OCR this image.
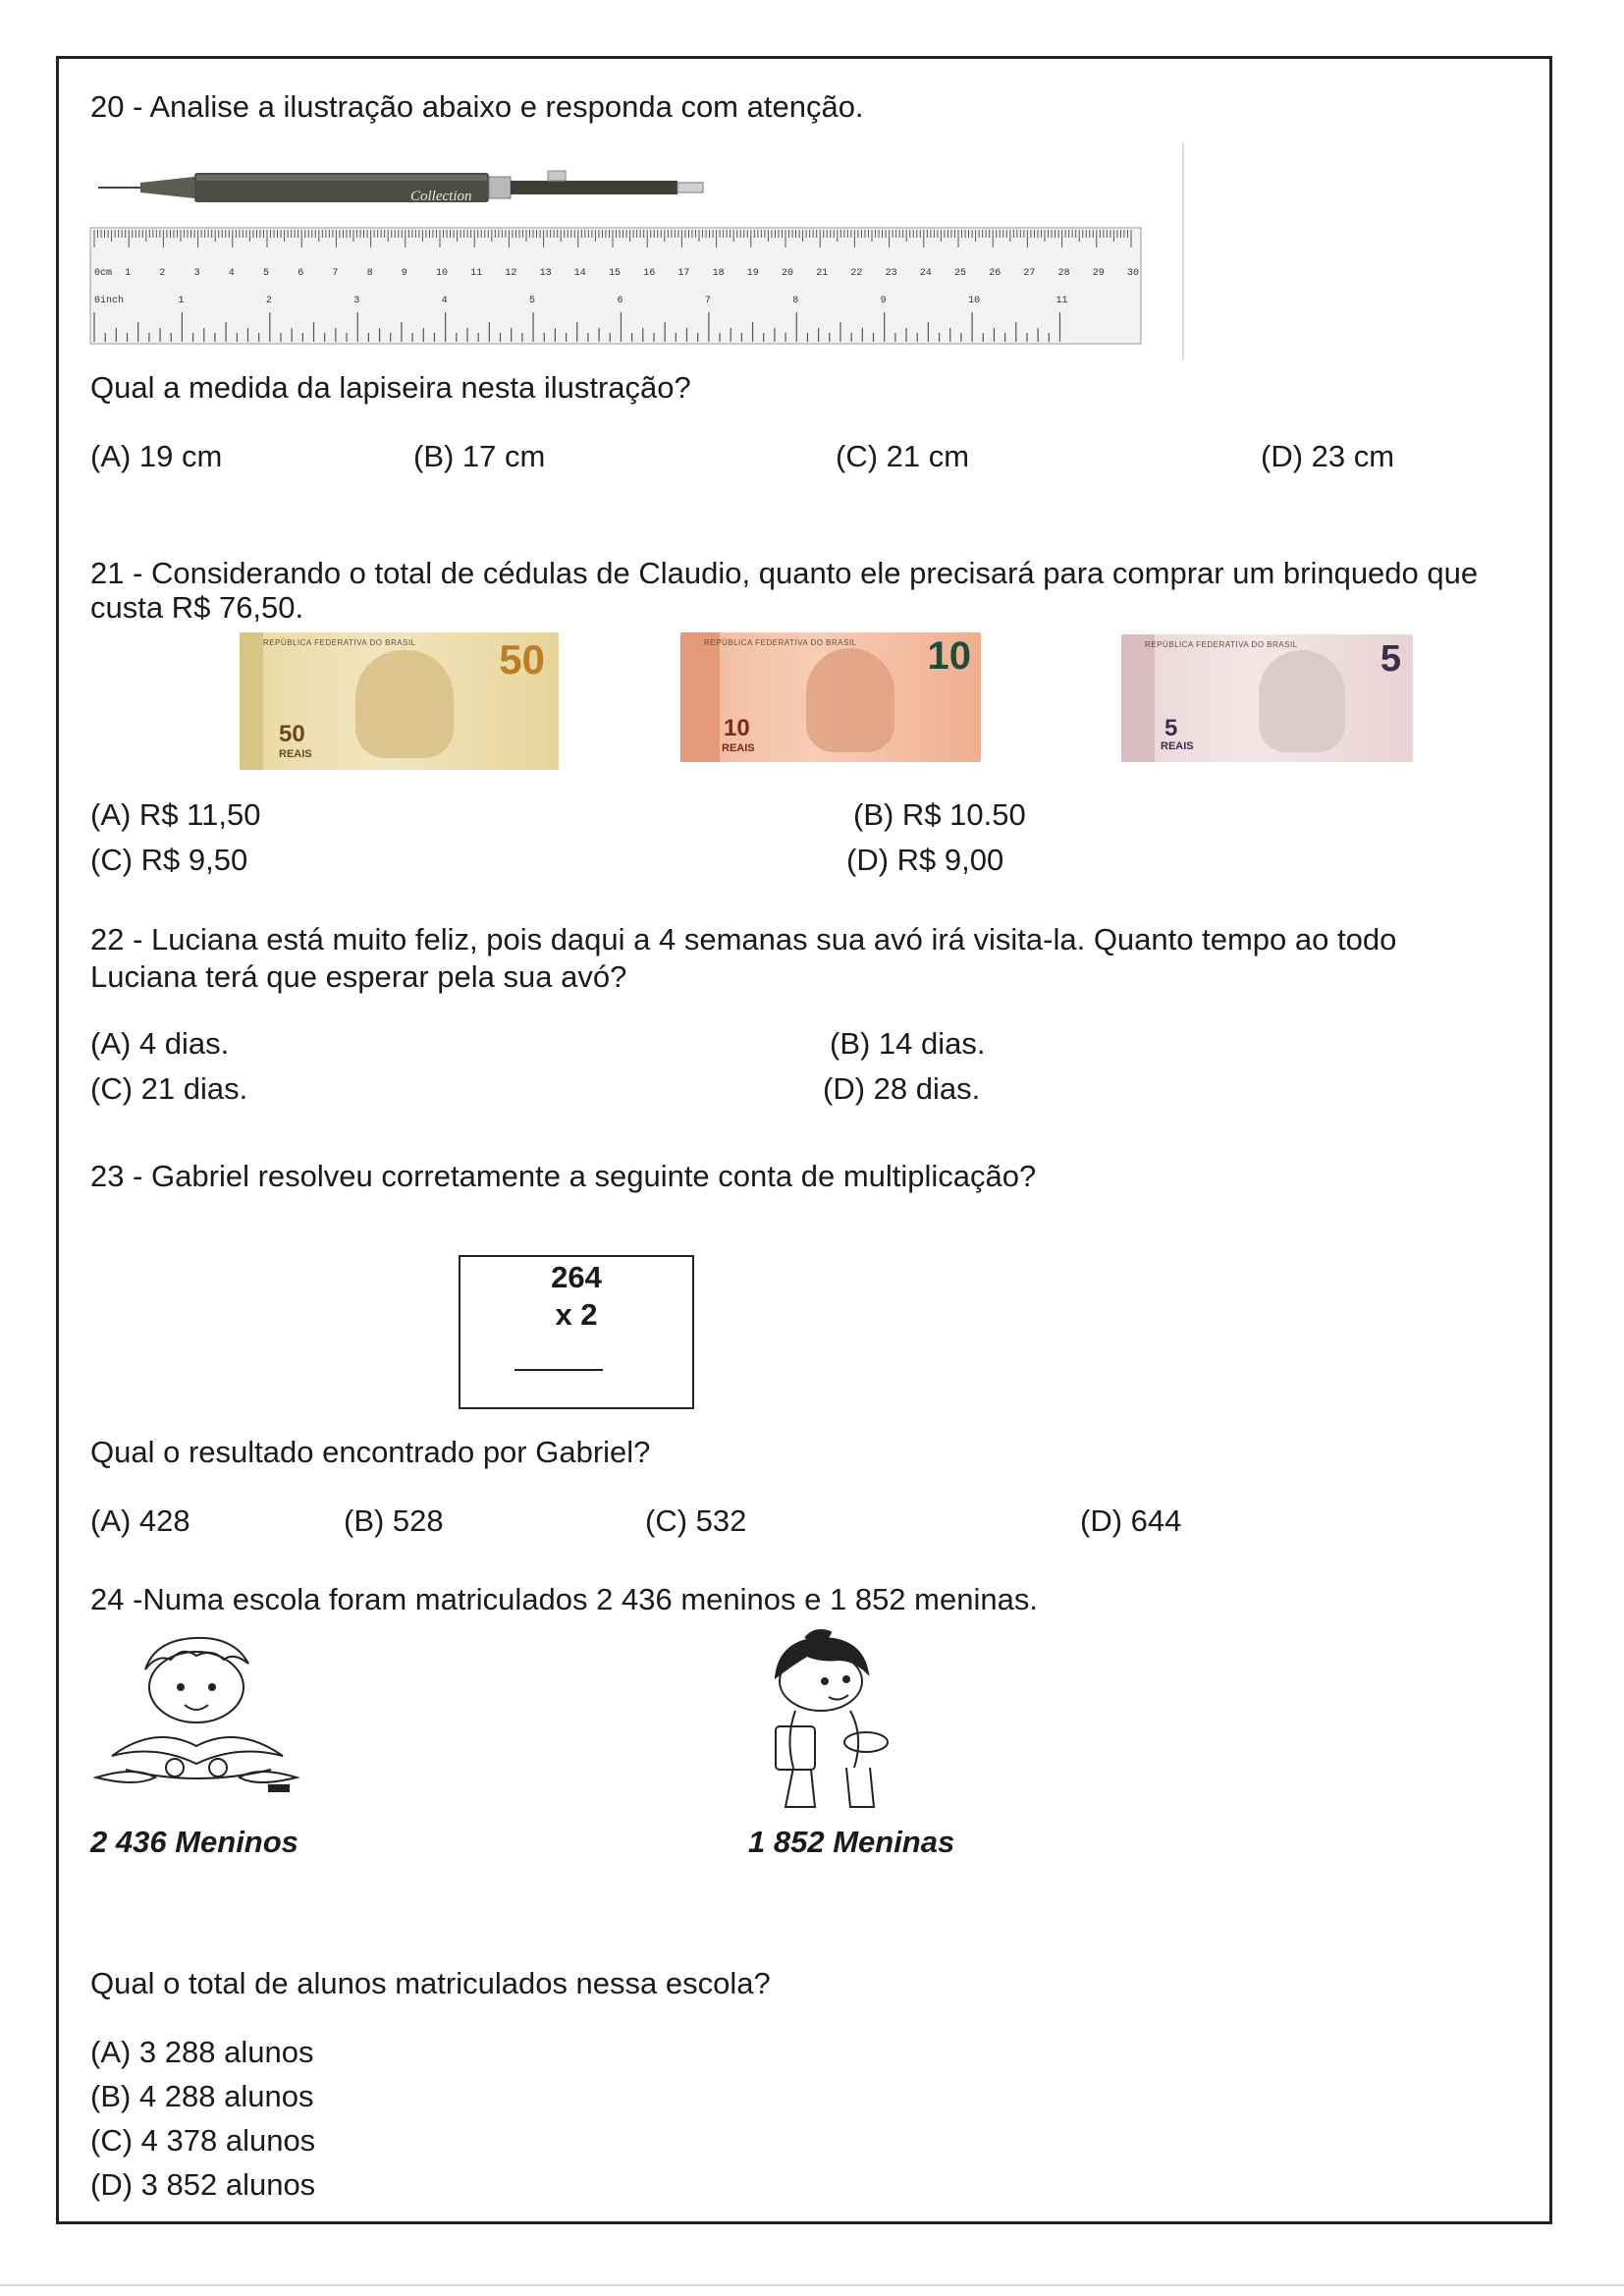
20 - Analise a ilustração abaixo e responda com atenção.
Collection
0cm
0inch
1	2	3	4	5	6	7	8	9	10 11 12 13 14 15 16 17 18 19 20 21 22 23 24 25 26 27 28 29 30
1	2	3	4	5	6	7	8	9	10	11
Qual a medida da lapiseira nesta ilustração?
(A) 19 cm	(B) 17 cm	(C) 21 cm	(D) 23 cm
21 - Considerando o total de cédulas de Claudio, quanto ele precisará para comprar um brinquedo que custa R$ 76,50.
REPÚBLICA FEDERATIVA DO BRASIL 50
50
REAIS
REPÚBLICA FEDERATIVA DO BRASIL 10
10
REAIS
REPÚBLICA FEDERATIVA DO BRASIL 5
5
REAIS
(A) R$ 11,50	(B) R$ 10.50
(C) R$ 9,50	(D) R$ 9,00
22 - Luciana está muito feliz, pois daqui a 4 semanas sua avó irá visita-la. Quanto tempo ao todo Luciana terá que esperar pela sua avó?
(A) 4 dias.	(B) 14 dias.
(C) 21 dias.	(D) 28 dias.
23 - Gabriel resolveu corretamente a seguinte conta de multiplicação?
264
x 2
Qual o resultado encontrado por Gabriel?
(A) 428	(B) 528	(C) 532	(D) 644
24 -Numa escola foram matriculados 2 436 meninos e 1 852 meninas.
2 436 Meninos	1 852 Meninas
Qual o total de alunos matriculados nessa escola?
(A) 3 288 alunos
(B) 4 288 alunos
(C) 4 378 alunos
(D) 3 852 alunos
